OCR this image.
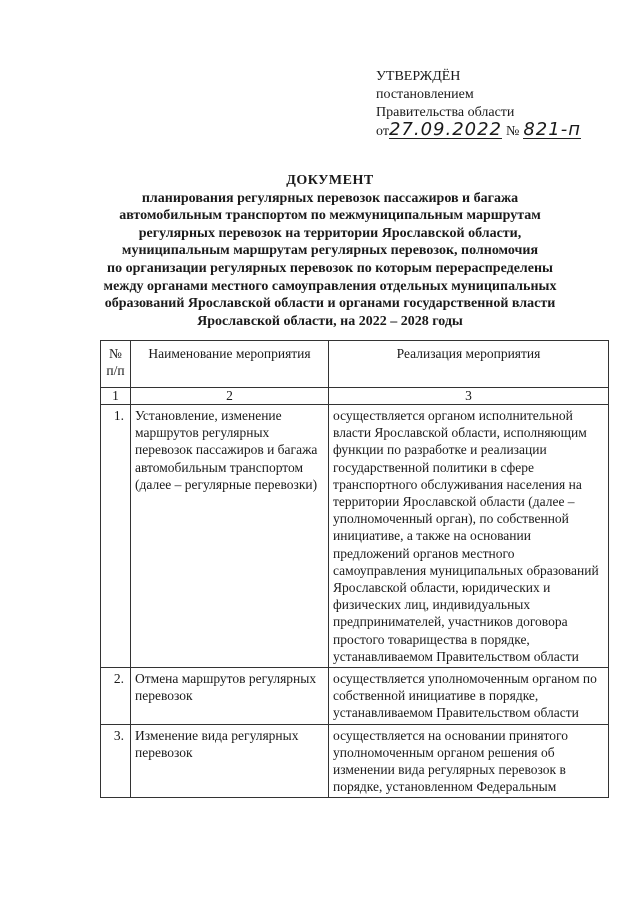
УТВЕРЖДЁН
постановлением
Правительства области
от27.09.2022 № 821-п
ДОКУМЕНТ
планирования регулярных перевозок пассажиров и багажа
автомобильным транспортом по межмуниципальным маршрутам
регулярных перевозок на территории Ярославской области,
муниципальным маршрутам регулярных перевозок, полномочия
по организации регулярных перевозок по которым перераспределены
между органами местного самоуправления отдельных муниципальных
образований Ярославской области и органами государственной власти
Ярославской области, на 2022 – 2028 годы
№ п/п	Наименование мероприятия	Реализация мероприятия
1	2	3
1.	Установление, изменение маршрутов регулярных перевозок пассажиров и багажа автомобильным транспортом (далее – регулярные перевозки)	осуществляется органом исполнительной власти Ярославской области, исполняющим функции по разработке и реализации государственной политики в сфере транспортного обслуживания населения на территории Ярославской области (далее – уполномоченный орган), по собственной инициативе, а также на основании предложений органов местного самоуправления муниципальных образований Ярославской области, юридических и физических лиц, индивидуальных предпринимателей, участников договора простого товарищества в порядке, устанавливаемом Правительством области
2.	Отмена маршрутов регулярных перевозок	осуществляется уполномоченным органом по собственной инициативе в порядке, устанавливаемом Правительством области
3.	Изменение вида регулярных перевозок	осуществляется на основании принятого уполномоченным органом решения об изменении вида регулярных перевозок в порядке, установленном Федеральным
